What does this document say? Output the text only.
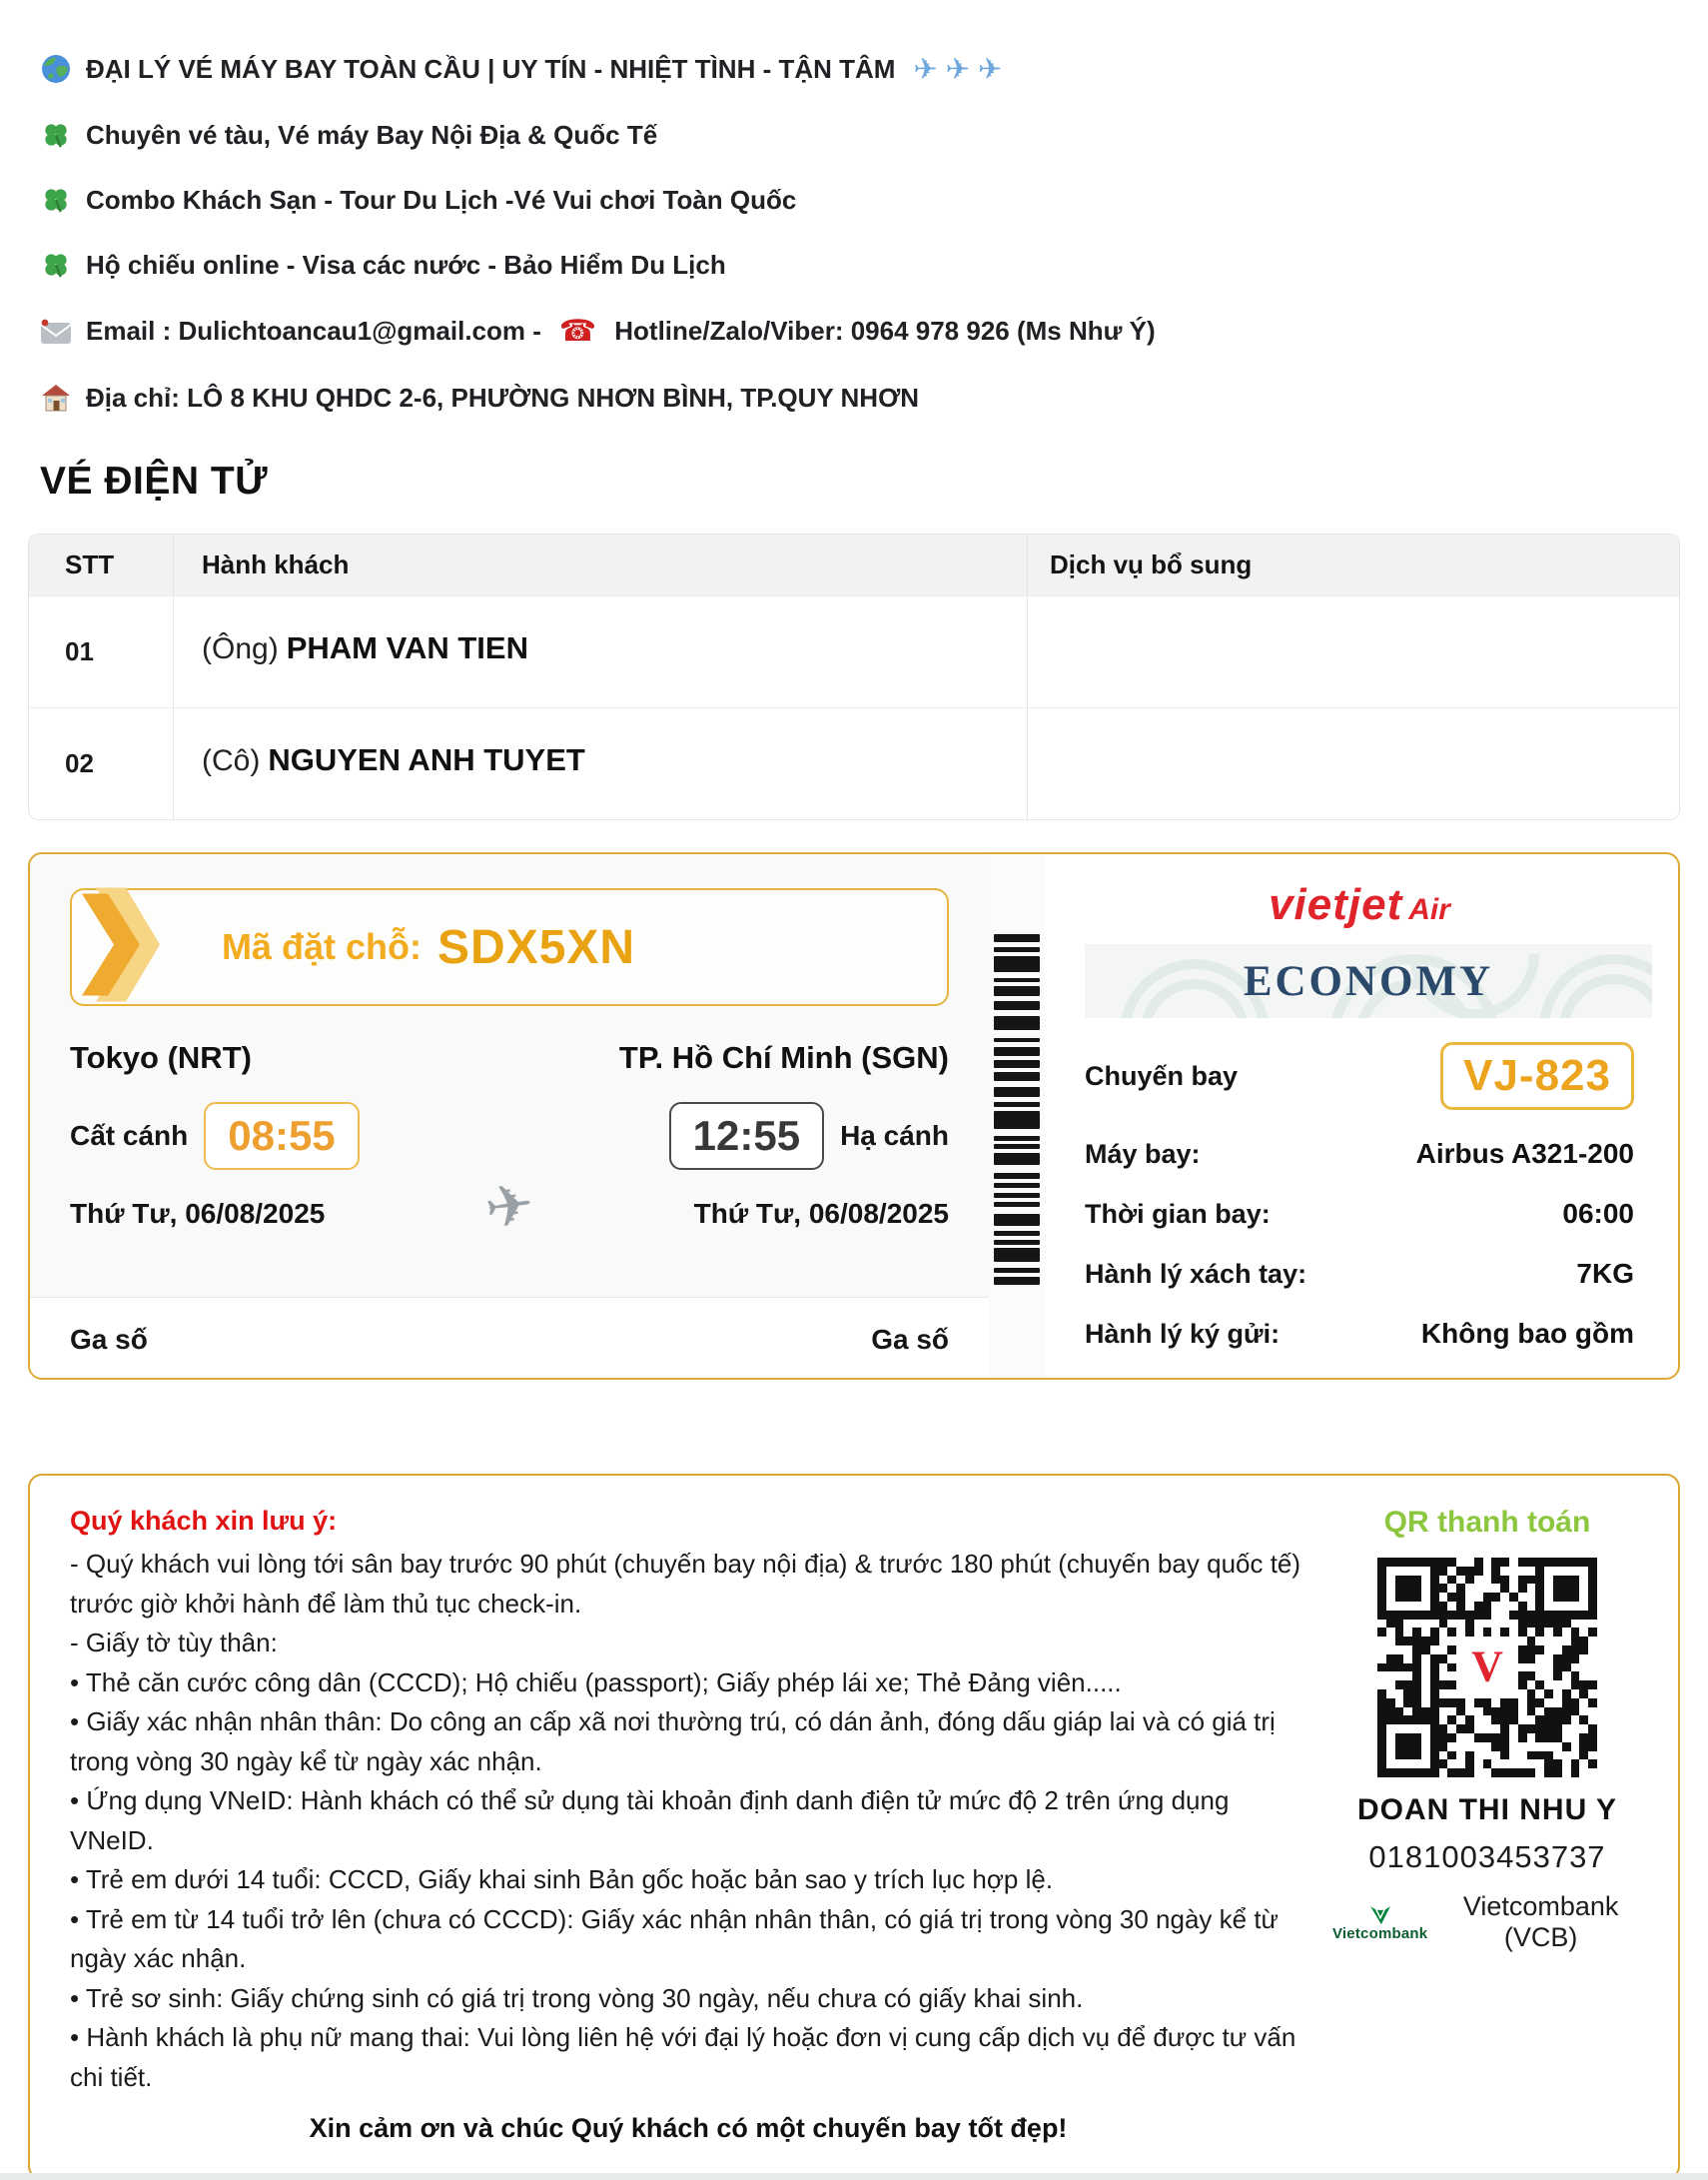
ĐẠI LÝ VÉ MÁY BAY TOÀN CẦU | UY TÍN - NHIỆT TÌNH - TẬN TÂM ✈✈✈
Chuyên vé tàu, Vé máy Bay Nội Địa & Quốc Tế
Combo Khách Sạn - Tour Du Lịch -Vé Vui chơi Toàn Quốc
Hộ chiếu online - Visa các nước - Bảo Hiểm Du Lịch
Email : Dulichtoancau1@gmail.com - ☎ Hotline/Zalo/Viber: 0964 978 926 (Ms Như Ý)
Địa chỉ: LÔ 8 KHU QHDC 2-6, PHƯỜNG NHƠN BÌNH, TP.QUY NHƠN
VÉ ĐIỆN TỬ
STT	Hành khách	Dịch vụ bổ sung
01	(Ông) PHAM VAN TIEN
02	(Cô) NGUYEN ANH TUYET
Mã đặt chỗ: SDX5XN
Tokyo (NRT)	TP. Hồ Chí Minh (SGN)
Cất cánh 08:55	12:55	Hạ cánh
Thứ Tư, 06/08/2025	✈	Thứ Tư, 06/08/2025
Ga số	Ga số
vietjet Air
ECONOMY
Chuyến bay	VJ-823
Máy bay:	Airbus A321-200
Thời gian bay:	06:00
Hành lý xách tay:	7KG
Hành lý ký gửi:	Không bao gồm
Quý khách xin lưu ý:
- Quý khách vui lòng tới sân bay trước 90 phút (chuyến bay nội địa) & trước 180 phút (chuyến bay quốc tế) trước giờ khởi hành để làm thủ tục check-in.
- Giấy tờ tùy thân:
• Thẻ căn cước công dân (CCCD); Hộ chiếu (passport); Giấy phép lái xe; Thẻ Đảng viên.....
• Giấy xác nhận nhân thân: Do công an cấp xã nơi thường trú, có dán ảnh, đóng dấu giáp lai và có giá trị trong vòng 30 ngày kể từ ngày xác nhận.
• Ứng dụng VNeID: Hành khách có thể sử dụng tài khoản định danh điện tử mức độ 2 trên ứng dụng VNeID.
• Trẻ em dưới 14 tuổi: CCCD, Giấy khai sinh Bản gốc hoặc bản sao y trích lục hợp lệ.
• Trẻ em từ 14 tuổi trở lên (chưa có CCCD): Giấy xác nhận nhân thân, có giá trị trong vòng 30 ngày kể từ ngày xác nhận.
• Trẻ sơ sinh: Giấy chứng sinh có giá trị trong vòng 30 ngày, nếu chưa có giấy khai sinh.
• Hành khách là phụ nữ mang thai: Vui lòng liên hệ với đại lý hoặc đơn vị cung cấp dịch vụ để được tư vấn chi tiết.
Xin cảm ơn và chúc Quý khách có một chuyến bay tốt đẹp!
QR thanh toán
V
DOAN THI NHU Y
0181003453737
Vietcombank
Vietcombank (VCB)
